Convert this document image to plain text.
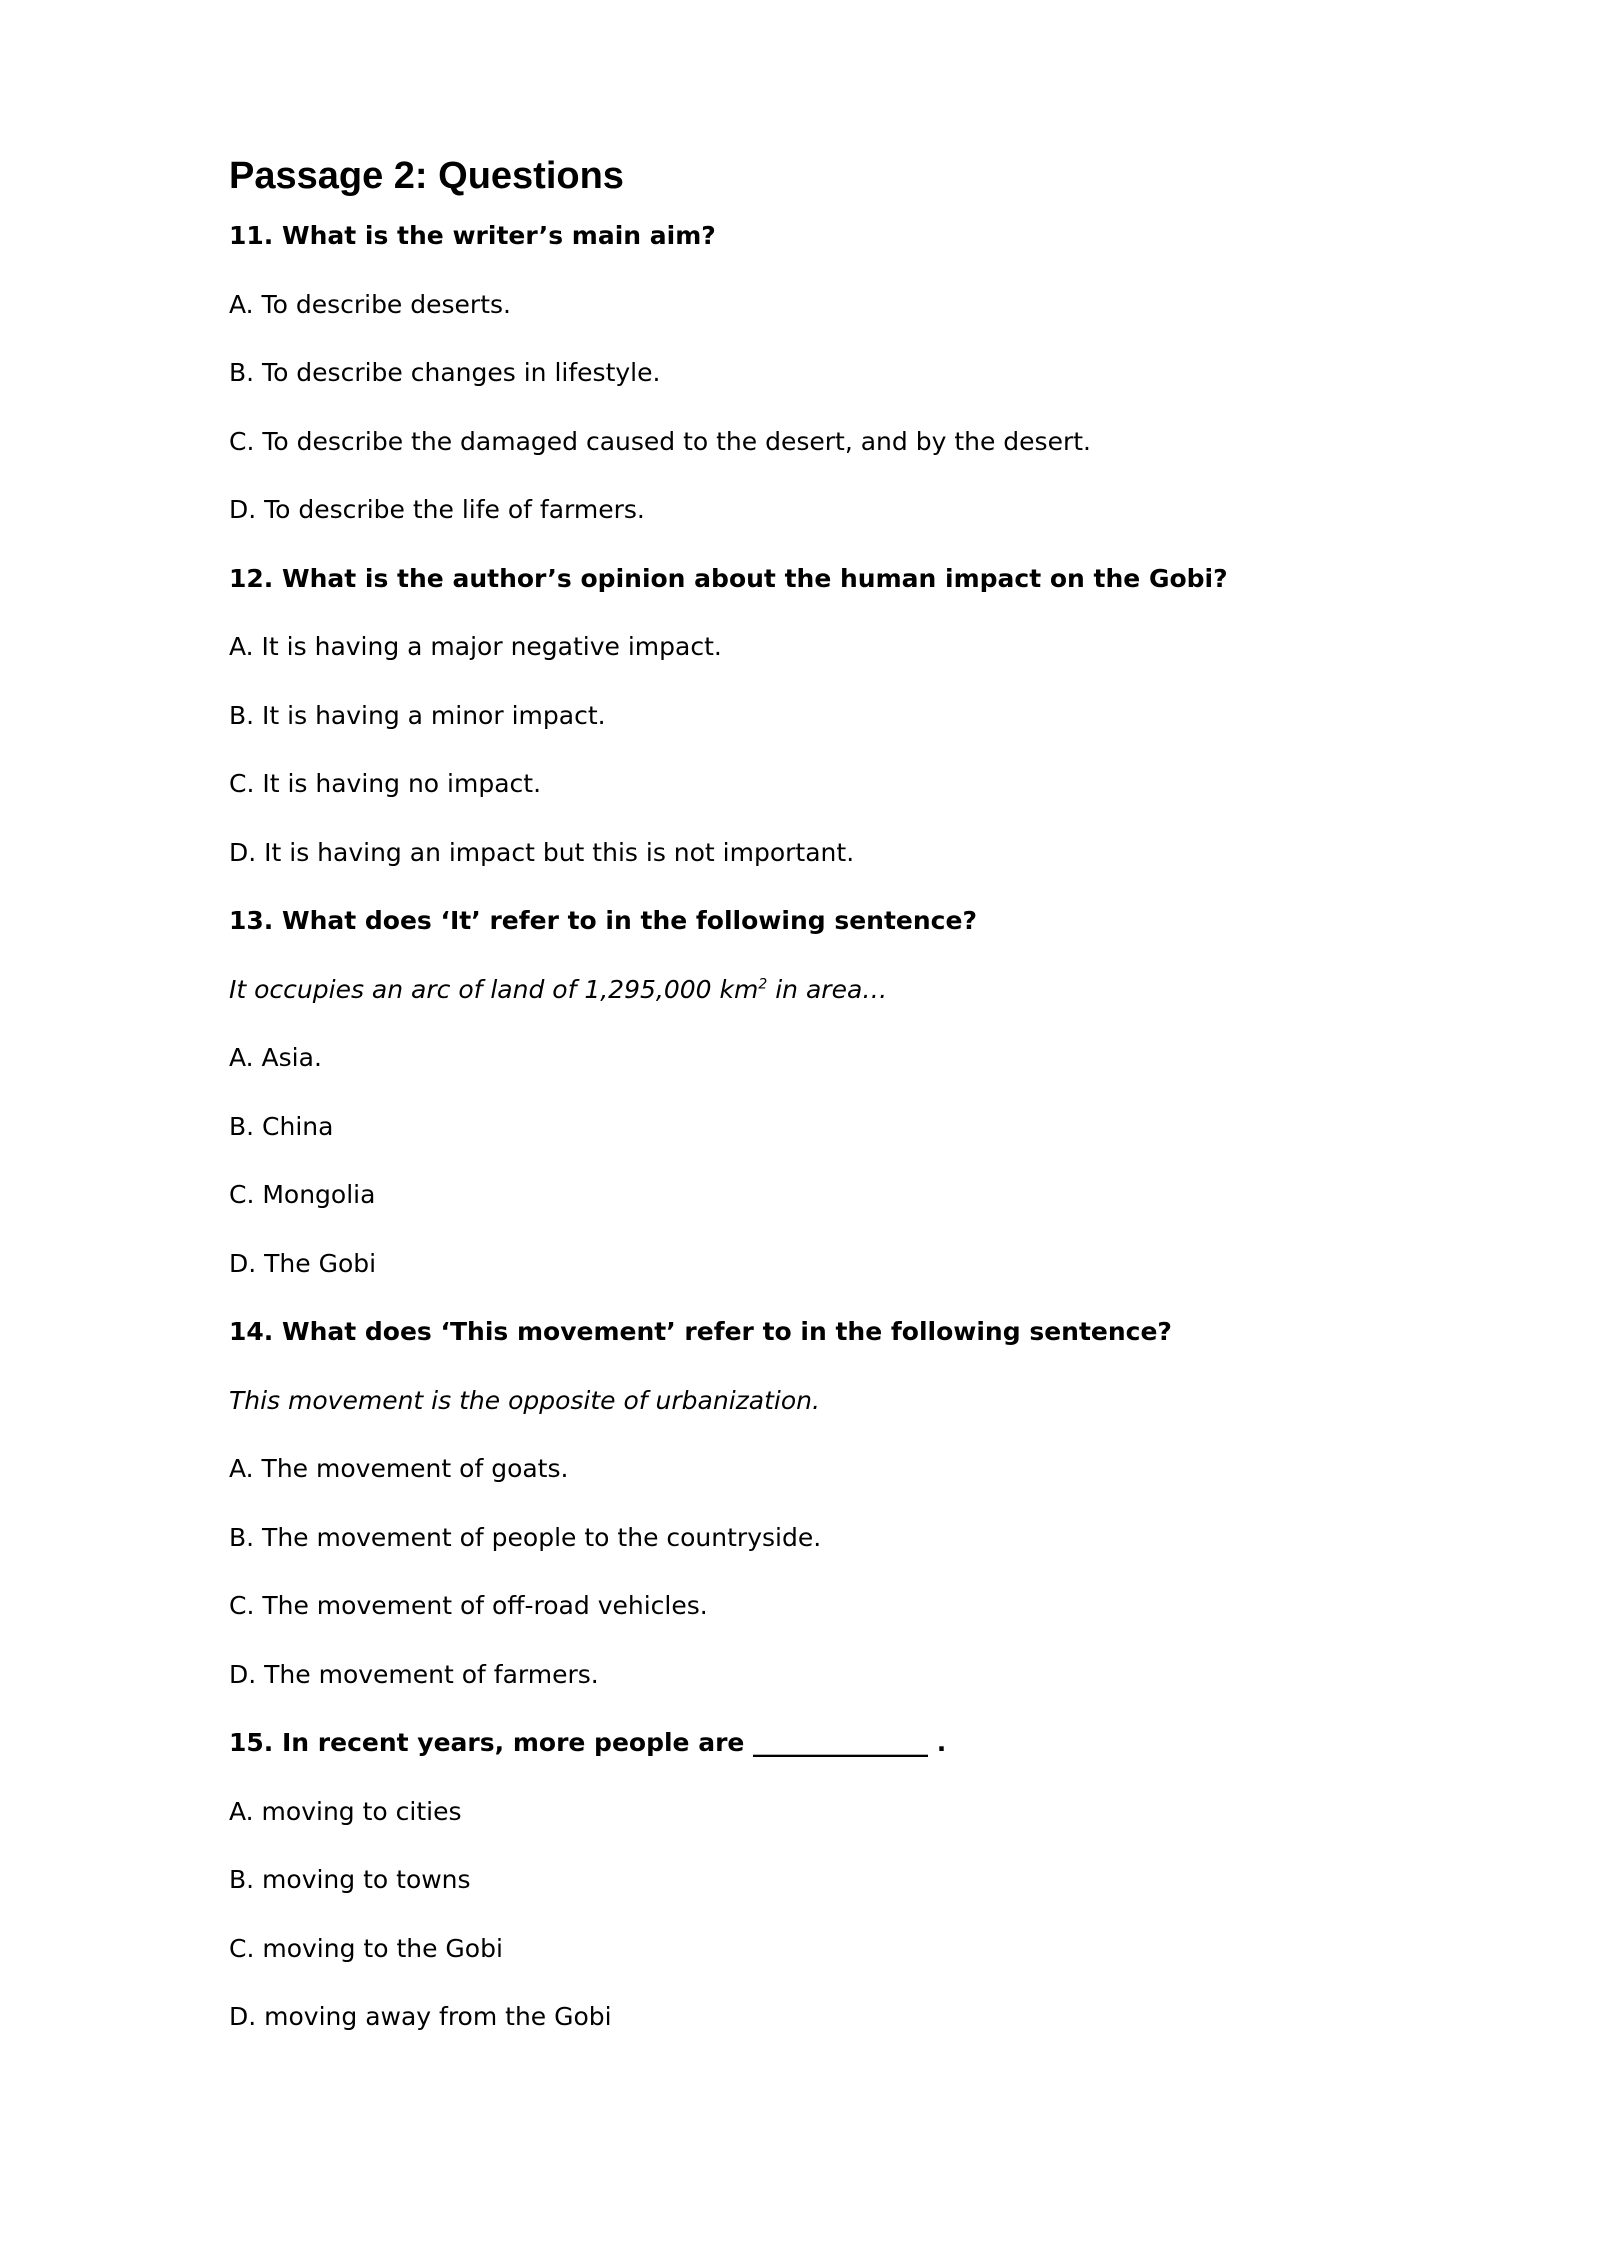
Passage 2: Questions
11. What is the writer’s main aim?
A. To describe deserts.
B. To describe changes in lifestyle.
C. To describe the damaged caused to the desert, and by the desert.
D. To describe the life of farmers.
12. What is the author’s opinion about the human impact on the Gobi?
A. It is having a major negative impact.
B. It is having a minor impact.
C. It is having no impact.
D. It is having an impact but this is not important.
13. What does ‘It’ refer to in the following sentence?
It occupies an arc of land of 1,295,000 $km^2$ in area…
A. Asia.
B. China
C. Mongolia
D. The Gobi
14. What does ‘This movement’ refer to in the following sentence?
This movement is the opposite of urbanization.
A. The movement of goats.
B. The movement of people to the countryside.
C. The movement of off-road vehicles.
D. The movement of farmers.
15. In recent years, more people are ______________ .
A. moving to cities
B. moving to towns
C. moving to the Gobi
D. moving away from the Gobi
